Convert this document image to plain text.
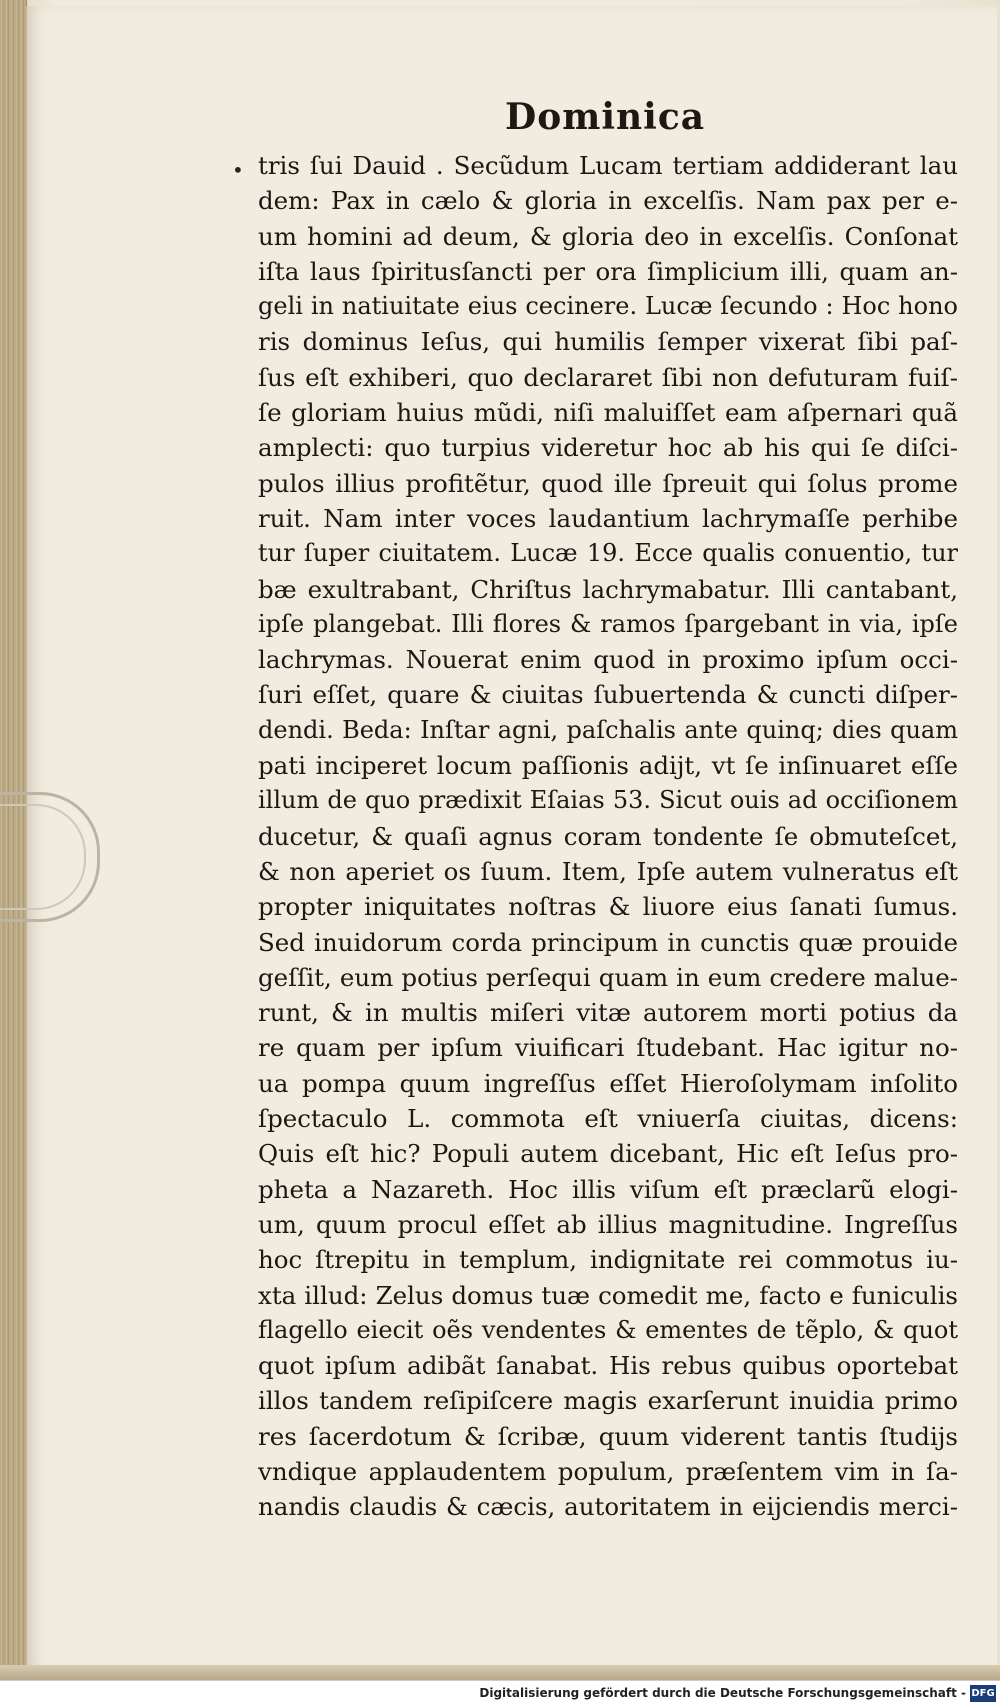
Dominica
• tris ſui Dauid . Secũdum Lucam tertiam addiderant lau
dem: Pax in cælo & gloria in excelſis. Nam pax per e-
um homini ad deum, & gloria deo in excelſis. Conſonat
iſta laus ſpiritusſancti per ora ſimplicium illi, quam an-
geli in natiuitate eius cecinere. Lucæ ſecundo : Hoc hono
ris dominus Ieſus, qui humilis ſemper vixerat ſibi paſ-
ſus eſt exhiberi, quo declararet ſibi non defuturam fuiſ-
ſe gloriam huius mũdi, niſi maluiſſet eam aſpernari quã
amplecti: quo turpius videretur hoc ab his qui ſe diſci-
pulos illius profitẽtur, quod ille ſpreuit qui ſolus prome
ruit. Nam inter voces laudantium lachrymaſſe perhibe
tur ſuper ciuitatem. Lucæ 19. Ecce qualis conuentio, tur
bæ exultrabant, Chriſtus lachrymabatur. Illi cantabant,
ipſe plangebat. Illi flores & ramos ſpargebant in via, ipſe
lachrymas. Nouerat enim quod in proximo ipſum occi-
ſuri eſſet, quare & ciuitas ſubuertenda & cuncti diſper-
dendi. Beda: Inſtar agni, paſchalis ante quinq; dies quam
pati inciperet locum paſſionis adijt, vt ſe inſinuaret eſſe
illum de quo prædixit Eſaias 53. Sicut ouis ad occiſionem
ducetur, & quaſi agnus coram tondente ſe obmuteſcet,
& non aperiet os ſuum. Item, Ipſe autem vulneratus eſt
propter iniquitates noſtras & liuore eius ſanati ſumus.
Sed inuidorum corda principum in cunctis quæ prouide
geſſit, eum potius perſequi quam in eum credere malue-
runt, & in multis miſeri vitæ autorem morti potius da
re quam per ipſum viuificari ſtudebant. Hac igitur no-
ua pompa quum ingreſſus eſſet Hieroſolymam inſolito
ſpectaculo L. commota eſt vniuerſa ciuitas, dicens:
Quis eſt hic? Populi autem dicebant, Hic eſt Ieſus pro-
pheta a Nazareth. Hoc illis viſum eſt præclarũ elogi-
um, quum procul eſſet ab illius magnitudine. Ingreſſus
hoc ſtrepitu in templum, indignitate rei commotus iu-
xta illud: Zelus domus tuæ comedit me, facto e funiculis
flagello eiecit oẽs vendentes & ementes de tẽplo, & quot
quot ipſum adibãt ſanabat. His rebus quibus oportebat
illos tandem reſipiſcere magis exarſerunt inuidia primo
res ſacerdotum & ſcribæ, quum viderent tantis ſtudijs
vndique applaudentem populum, præſentem vim in ſa-
nandis claudis & cæcis, autoritatem in eijciendis merci-
Digitalisierung gefördert durch die Deutsche Forschungsgemeinschaft - DFG
